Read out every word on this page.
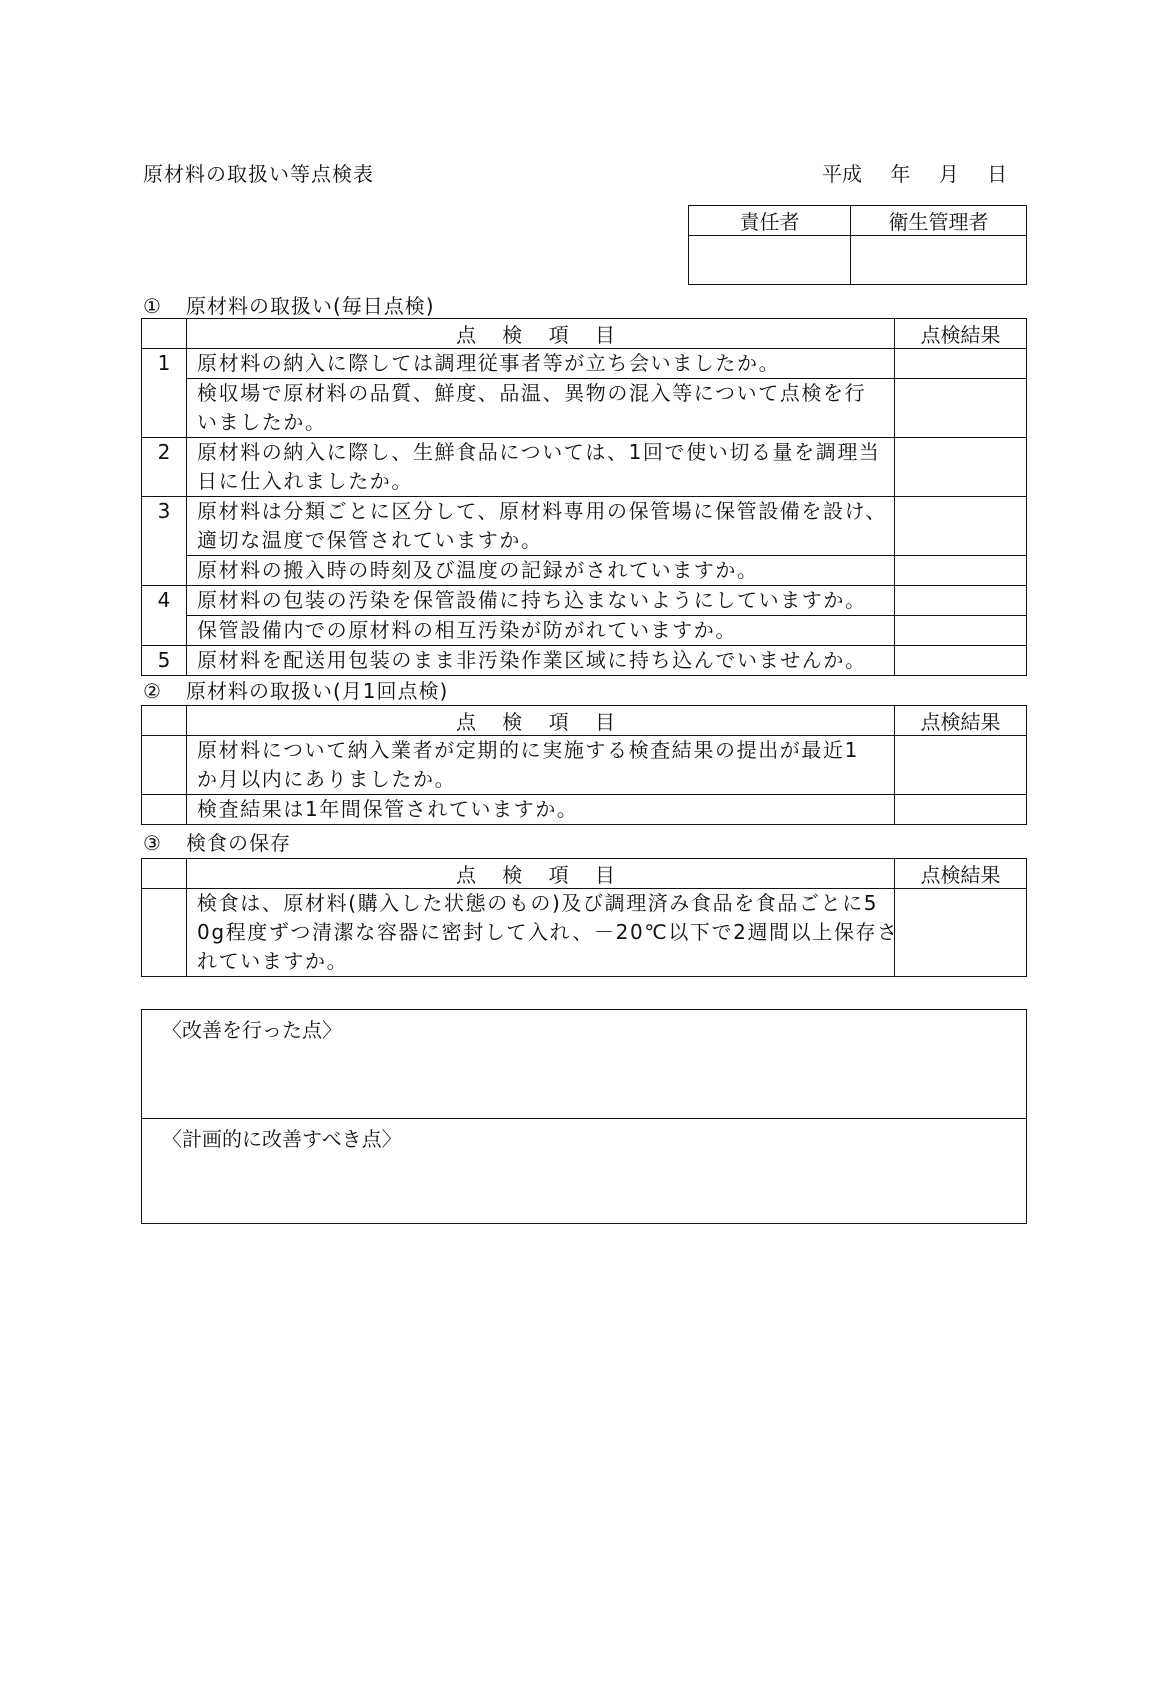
原材料の取扱い等点検表	平成 年 月 日
責任者	衛生管理者

① 原材料の取扱い(毎日点検)
	点 検 項 目	点検結果
1	原材料の納入に際しては調理従事者等が立ち会いましたか。	

	検収場で原材料の品質、鮮度、品温、異物の混入等について点検を行
いましたか。	

2	原材料の納入に際し、生鮮食品については、1回で使い切る量を調理当
日に仕入れましたか。	

3	原材料は分類ごとに区分して、原材料専用の保管場に保管設備を設け、
適切な温度で保管されていますか。	

	原材料の搬入時の時刻及び温度の記録がされていますか。	

4	原材料の包装の汚染を保管設備に持ち込まないようにしていますか。	

	保管設備内での原材料の相互汚染が防がれていますか。	

5	原材料を配送用包装のまま非汚染作業区域に持ち込んでいませんか。	

② 原材料の取扱い(月1回点検)
	点 検 項 目	点検結果

	原材料について納入業者が定期的に実施する検査結果の提出が最近1
か月以内にありましたか。	

	検査結果は1年間保管されていますか。	

③ 検食の保存
	点 検 項 目	点検結果

	検食は、原材料(購入した状態のもの)及び調理済み食品を食品ごとに5
0g程度ずつ清潔な容器に密封して入れ、－20℃以下で2週間以上保存さ
れていますか。	

〈改善を行った点〉
〈計画的に改善すべき点〉
